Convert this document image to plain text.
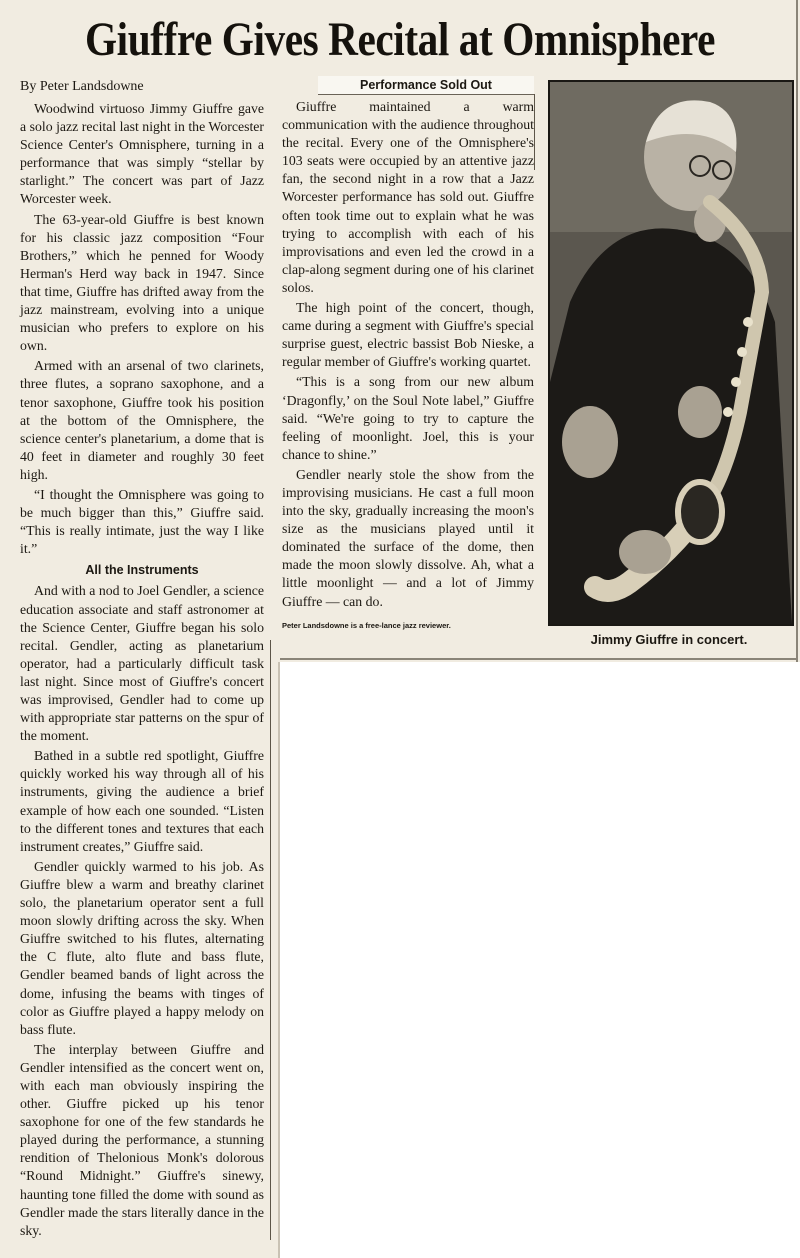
Giuffre Gives Recital at Omnisphere
By Peter Landsdowne

Woodwind virtuoso Jimmy Giuffre gave a solo jazz recital last night in the Worcester Science Center's Omnisphere, turning in a performance that was simply “stellar by starlight.” The concert was part of Jazz Worcester week.

The 63-year-old Giuffre is best known for his classic jazz composition “Four Brothers,” which he penned for Woody Herman's Herd way back in 1947. Since that time, Giuffre has drifted away from the jazz mainstream, evolving into a unique musician who prefers to explore on his own.

Armed with an arsenal of two clarinets, three flutes, a soprano saxophone, and a tenor saxophone, Giuffre took his position at the bottom of the Omnisphere, the science center's planetarium, a dome that is 40 feet in diameter and roughly 30 feet high.

“I thought the Omnisphere was going to be much bigger than this,” Giuffre said. “This is really intimate, just the way I like it.”

All the Instruments

And with a nod to Joel Gendler, a science education associate and staff astronomer at the Science Center, Giuffre began his solo recital. Gendler, acting as planetarium operator, had a particularly difficult task last night. Since most of Giuffre's concert was improvised, Gendler had to come up with appropriate star patterns on the spur of the moment.

Bathed in a subtle red spotlight, Giuffre quickly worked his way through all of his instruments, giving the audience a brief example of how each one sounded. “Listen to the different tones and textures that each instrument creates,” Giuffre said.

Gendler quickly warmed to his job. As Giuffre blew a warm and breathy clarinet solo, the planetarium operator sent a full moon slowly drifting across the sky. When Giuffre switched to his flutes, alternating the C flute, alto flute and bass flute, Gendler beamed bands of light across the dome, infusing the beams with tinges of color as Giuffre played a happy melody on bass flute.

The interplay between Giuffre and Gendler intensified as the concert went on, with each man obviously inspiring the other. Giuffre picked up his tenor saxophone for one of the few standards he played during the performance, a stunning rendition of Thelonious Monk's dolorous “Round Midnight.” Giuffre's sinewy, haunting tone filled the dome with sound as Gendler made the stars literally dance in the sky.

Performance Sold Out

Giuffre maintained a warm communication with the audience throughout the recital. Every one of the Omnisphere's 103 seats were occupied by an attentive jazz fan, the second night in a row that a Jazz Worcester performance has sold out. Giuffre often took time out to explain what he was trying to accomplish with each of his improvisations and even led the crowd in a clap-along segment during one of his clarinet solos.

The high point of the concert, though, came during a segment with Giuffre's special surprise guest, electric bassist Bob Nieske, a regular member of Giuffre's working quartet.

“This is a song from our new album ‘Dragonfly,’ on the Soul Note label,” Giuffre said. “We're going to try to capture the feeling of moonlight. Joel, this is your chance to shine.”

Gendler nearly stole the show from the improvising musicians. He cast a full moon into the sky, gradually increasing the moon's size as the musicians played until it dominated the surface of the dome, then made the moon slowly dissolve. Ah, what a little moonlight — and a lot of Jimmy Giuffre — can do.

Peter Landsdowne is a free-lance jazz reviewer.
Jimmy Giuffre in concert.
